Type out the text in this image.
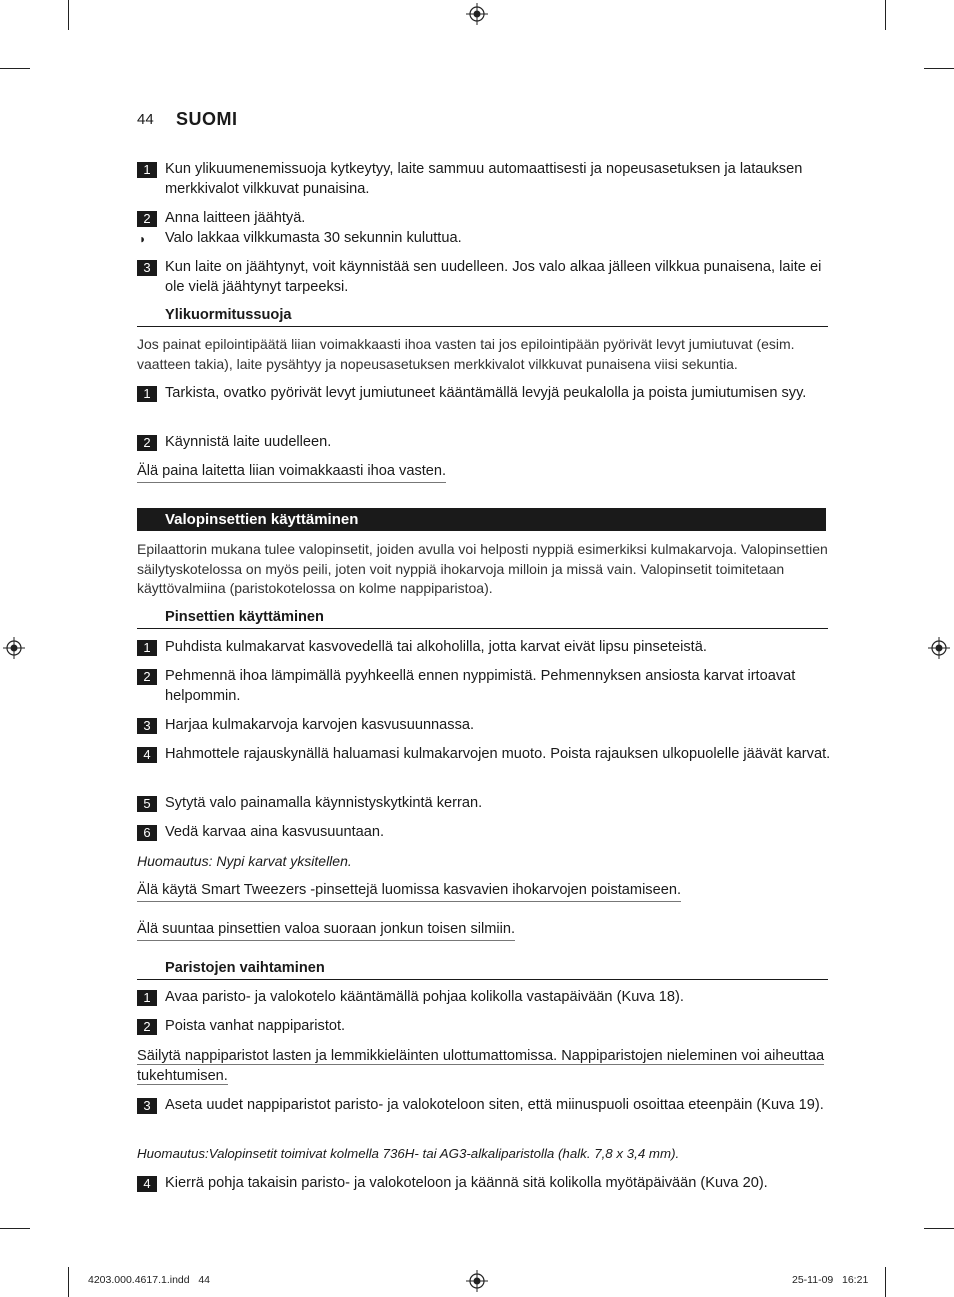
44 SUOMI
1 Kun ylikuumenemissuoja kytkeytyy, laite sammuu automaattisesti ja nopeusasetuksen ja latauksen merkkivalot vilkkuvat punaisina.
2 Anna laitteen jäähtyä.
◗ Valo lakkaa vilkkumasta 30 sekunnin kuluttua.
3 Kun laite on jäähtynyt, voit käynnistää sen uudelleen. Jos valo alkaa jälleen vilkkua punaisena, laite ei ole vielä jäähtynyt tarpeeksi.
Ylikuormitussuoja
Jos painat epilointipäätä liian voimakkaasti ihoa vasten tai jos epilointipään pyörivät levyt jumiutuvat (esim. vaatteen takia), laite pysähtyy ja nopeusasetuksen merkkivalot vilkkuvat punaisena viisi sekuntia.
1 Tarkista, ovatko pyörivät levyt jumiutuneet kääntämällä levyjä peukalolla ja poista jumiutumisen syy.
2 Käynnistä laite uudelleen.
Älä paina laitetta liian voimakkaasti ihoa vasten.
Valopinsettien käyttäminen
Epilaattorin mukana tulee valopinsetit, joiden avulla voi helposti nyppiä esimerkiksi kulmakarvoja. Valopinsettien säilytyskotelossa on myös peili, joten voit nyppiä ihokarvoja milloin ja missä vain. Valopinsetit toimitetaan käyttövalmiina (paristokotelossa on kolme nappiparistoa).
Pinsettien käyttäminen
1 Puhdista kulmakarvat kasvovedellä tai alkoholilla, jotta karvat eivät lipsu pinseteistä.
2 Pehmennä ihoa lämpimällä pyyhkeellä ennen nyppimistä. Pehmennyksen ansiosta karvat irtoavat helpommin.
3 Harjaa kulmakarvoja karvojen kasvusuunnassa.
4 Hahmottele rajauskynällä haluamasi kulmakarvojen muoto. Poista rajauksen ulkopuolelle jäävät karvat.
5 Sytytä valo painamalla käynnistyskytkintä kerran.
6 Vedä karvaa aina kasvusuuntaan.
Huomautus: Nypi karvat yksitellen.
Älä käytä Smart Tweezers -pinsettejä luomissa kasvavien ihokarvojen poistamiseen.
Älä suuntaa pinsettien valoa suoraan jonkun toisen silmiin.
Paristojen vaihtaminen
1 Avaa paristo- ja valokotelo kääntämällä pohjaa kolikolla vastapäivään (Kuva 18).
2 Poista vanhat nappiparistot.
Säilytä nappiparistot lasten ja lemmikkieläinten ulottumattomissa. Nappiparistojen nieleminen voi aiheuttaa tukehtumisen.
3 Aseta uudet nappiparistot paristo- ja valokoteloon siten, että miinuspuoli osoittaa eteenpäin (Kuva 19).
Huomautus:Valopinsetit toimivat kolmella 736H- tai AG3-alkaliparistolla (halk. 7,8 x 3,4 mm).
4 Kierrä pohja takaisin paristo- ja valokoteloon ja käännä sitä kolikolla myötäpäivään (Kuva 20).
4203.000.4617.1.indd   44	25-11-09   16:21
